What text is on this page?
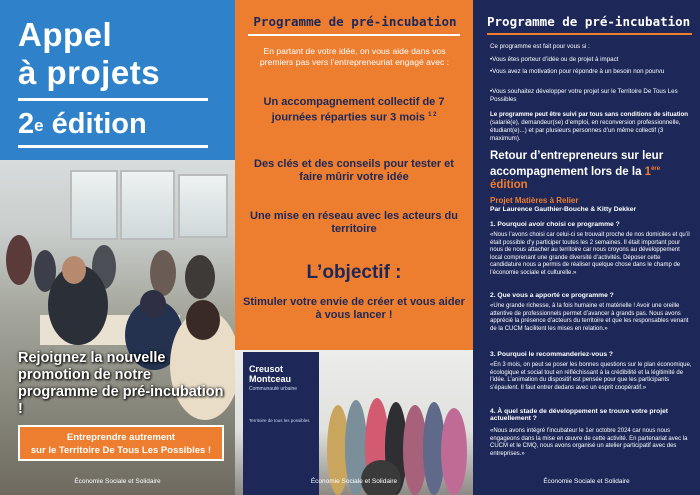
Appel
à projets
2e édition
Rejoignez la nouvelle promotion de notre programme de pré-incubation !
Entreprendre autrement
sur le Territoire De Tous Les Possibles !
Économie Sociale et Solidaire
Programme de pré-incubation
En partant de votre idée, on vous aide dans vos premiers pas vers l’entrepreneuriat engagé avec :
Un accompagnement collectif de 7 journées réparties sur 3 mois $^{1 2}$
Des clés et des conseils pour tester et faire mûrir votre idée
Une mise en réseau avec les acteurs du territoire
L’objectif :
Stimuler votre envie de créer et vous aider à vous lancer !
Creusot
Montceau
Communauté urbaine
Territoire de tous les possibles
Économie Sociale et Solidaire
Programme de pré-incubation
Ce programme est fait pour vous si :
•Vous êtes porteur d’idée ou de projet à impact
•Vous avez la motivation pour répondre à un besoin non pourvu
•Vous souhaitez développer votre projet sur le Territoire De Tous Les Possibles
Le programme peut être suivi par tous sans conditions de situation (salarié(e), demandeur(se) d’emploi, en reconversion professionnelle, étudiant(e)...) et par plusieurs personnes d’un même collectif (3 maximum).
Retour d’entrepreneurs sur leur accompagnement lors de la 1ère édition
Projet Matières à Relier
Par Laurence Gauthier-Bouche & Kitty Dekker
1. Pourquoi avoir choisi ce programme ?
«Nous l’avons choisi car celui-ci se trouvait proche de nos domiciles et qu’il était possible d’y participer toutes les 2 semaines. Il était important pour nous de nous attacher au territoire car nous croyons au développement local comprenant une grande diversité d’activités. Déposer cette candidature nous a permis de réaliser quelque chose dans le champ de l’économie sociale et culturelle.»
2. Que vous a apporté ce programme ?
«Une grande richesse, à la fois humaine et matérielle ! Avoir une oreille attentive de professionnels permet d’avancer à grands pas. Nous avons apprécié la présence d’acteurs du territoire et que les responsables venant de la CUCM facilitent les mises en relation.»
3. Pourquoi le recommanderiez-vous ?
«En 3 mois, on peut se poser les bonnes questions sur le plan économique, écologique et social tout en réfléchissant à la crédibilité et la légitimité de l’idée. L’animation du dispositif est pensée pour que les participants s’épaulent. Il faut entrer dedans avec un esprit coopératif.»
4. À quel stade de développement se trouve votre projet actuellement ?
«Nous avons intégré l’incubateur le 1er octobre 2024 car nous nous engageons dans la mise en œuvre de cette activité. En partenariat avec la CUCM et le CMQ, nous avons organisé un atelier participatif avec des entreprises.»
Économie Sociale et Solidaire
